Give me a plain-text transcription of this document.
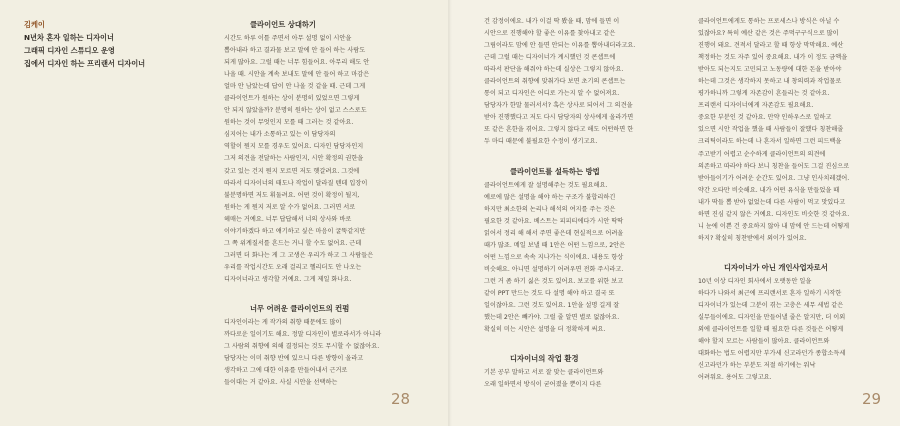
김케이
N년차 혼자 일하는 디자이너
그래픽 디자인 스튜디오 운영
집에서 디자인 하는 프리랜서 디자이너
클라이언트 상대하기
시간도 하루 이틀 주면서 아무 설명 없이 시안을
뽑아내라 하고 결과물 보고 말에 안 들어 하는 사람도
되게 많아요. 그럴 때는 너무 힘들어요. 아무리 해도 안
나올 때. 시안을 계속 보내도 말에 안 들어 하고 마감은
얼마 안 남았는데 답이 안 나올 것 같을 때. 근데 그게
클라이언트가 원하는 상이 분명히 있었으면 그렇게
안 되지 않았을까? 분명히 원하는 상이 없고 스스로도
원하는 것이 무엇인지 모를 때 그러는 것 같아요.
심지어는 내가 소통하고 있는 이 담당자의
역할이 뭔지 모를 경우도 있어요. 디자인 담당자인지
그저 의견을 전달하는 사람인지, 시안 확정의 권한을
갖고 있는 건지 뭔지 모르면 저도 헷갈려요. 그것에
따라서 디자이너의 태도나 작업이 달라질 텐데 입장이
불분명하면 저도 휘둘려요. 어떤 것이 확정이 될지,
원하는 게 뭔지 저로 알 수가 없어요. 그러면 서로
헤매는 거예요. 너무 답답해서 너의 상사와 바로
이야기하겠다 하고 얘기하고 싶은 마음이 굴뚝같지만
그 쪽 위계질서를 흔드는 거니 할 수도 없어요. 근데
그러면 더 화나는 게 그 고생은 우리가 하고 그 사람들은
우리를 작업시간도 오래 걸리고 헬리더도 안 나오는
디자이너라고 생각할 거예요. 그게 제일 화나요.
너무 어려운 클라이언트의 컨펌
디자인이라는 게 작가의 취향 때문에도 많이
까다로운 일이기도 해요. 정말 디자인이 별로라서가 아니라
그 사람의 취향에 의해 결정되는 것도 무시할 수 없잖아요.
담당자는 이미 취향 반에 있으니 다른 방향이 올라고
생각하고 그에 대한 이유를 만들어내서 근거로
들이대는 거 같아요. 사실 시안을 선택하는
28
건 감정이에요. 내가 이걸 딱 봤을 때, 맘에 들면 이
시안으로 진행해야 할 좋은 이유를 찾아내고 같은
그림이라도 맘에 안 들면 안되는 이유를 뽑아내더라고요.
근데 그럴 때는 디자이너가 계시했던 것 콘셉트에
따라서 판단을 해줘야 하는데 실상은 그렇지 않아요.
클라이언트의 취향에 맞춰가다 보면 초기의 콘셉트는
통이 되고 디자인은 어디로 가는지 알 수 없어져요.
담당자가 한말 물러서서? 혹은 상사로 되어서 그 의견을
받아 진행했다고 저도 다시 담당자의 상사에게 올라가면
또 같은 흔한을 겪어요. 그렇지 않다고 해도 어떤하면 한
두 마디 때문에 불필요한 수정이 생기고요.
클라이언트를 설득하는 방법
클라이언트에게 잘 설명해주는 것도 필요해요.
예로에 많은 설명을 해야 하는 구조가 불합리하긴
하지만 최소한의 논리나 해석의 여지를 주는 것은
필요한 것 같아요. 베스트는 피피티에다가 시안 딱딱
읽어서 정리 해 해서 주면 좋은데 현실적으로 어려울
때가 많죠. 메일 보낼 때 1안은 어떤 느낌으로, 2안은
어떤 느낌으로 속속 지나가는 식이에요. 내용도 항상
비슷해요. 아니면 설명하기 어려우면 전화 주시라고.
그런 거 좀 하기 싫은 것도 있어요. 보고를 위한 보고
같이 PPT 만드는 것도 다 설명 해야 하고 결국 또
일이잖아요. 그런 것도 있어요. 1안을 설명 길게 잘
했는데 2안은 빼카야. 그럴 줄 알면 별로 없잖아요.
확실히 미는 시안은 설명을 더 정확하게 써요.
디자이너의 작업 환경
기본 공부 말하고 서로 잘 맞는 클라이언트와
오래 일하면서 방식이 굳어졌을 뿐이지 다른
클라이언트에게도 통하는 프로세스나 방식은 아닐 수
있잖아요? 특히 예산 같은 것은 주먹구구식으로 많이
진행이 돼요. 견적서 달라고 할 때 항상 막막해요. 예산
책정하는 것도 자주 있어 중요해요. 내가 이 정도 금액을
받아도 되는지도 고민되고 노동량에 대한 돈을 받아야
하는데 그것은 생각하지 못하고 내 창의력과 작업물로
평가하니까 그렇게 자존감이 흔들리는 것 같아요.
프리랜서 디자이너에게 자존감도 필요해요.
중요한 부분인 것 같아요. 만약 인하우스로 일하고
있으면 시안 작업을 했을 때 사람들이 잘했다 칭찬해줄
크리틱이라도 하는데 나 혼자서 일하면 그런 피드백을
주고받기 어렵고 순수하게 클라이언트의 의견에
의존하고 따라야 하다 보니 칭찬을 들어도 그걸 진심으로
받아들이기가 어려운 순간도 있어요. 그냥 인사치레겠어.
약간 오타만 비슷해요. 내가 어떤 유식을 만들었을 때
내가 딱들 뽑 받아 없었는데 다른 사람이 먹고 맛있다고
하면 진심 같지 않은 거예요. 디자인도 비슷한 것 같아요.
니 눈에 이쁜 건 중요하지 않아 내 맘에 안 드는데 어떻게
하지? 확실히 칭찬받에서 외이가 있어요.
디자이너가 아닌 개인사업자로서
10년 이상 디자인 회사에서 오랫동안 일을
하다가 나와서 최근에 프리랜서로 혼자 일하기 시작한
디자이너가 있는데 그분이 겪는 고충은 세무 세법 같은
실무들이에요. 디자인을 만들어낼 줄은 알지만, 더 이외
외에 클라이언트를 일할 때 필요한 다른 것들은 어떻게
해야 할지 모르는 사람들이 많아요. 클라이언트와
대화하는 법도 어렵지만 부가세 신고라던가 종합소득세
신고라던가 하는 부분도 저절 하기에는 워낙
어려워요. 용어도 그렇고요.
29
